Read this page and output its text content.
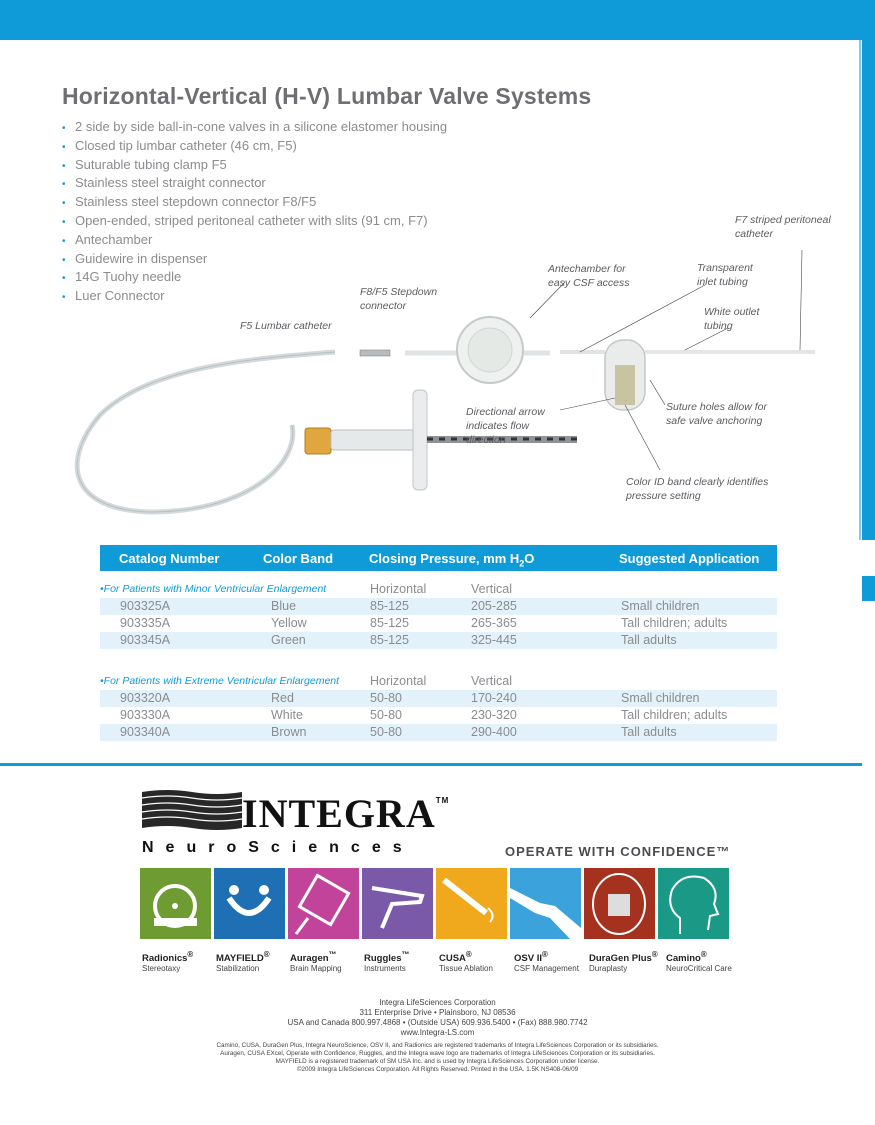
Horizontal-Vertical (H-V) Lumbar Valve Systems
• 2 side by side ball-in-cone valves in a silicone elastomer housing
• Closed tip lumbar catheter (46 cm, F5)
• Suturable tubing clamp F5
• Stainless steel straight connector
• Stainless steel stepdown connector F8/F5
• Open-ended, striped peritoneal catheter with slits (91 cm, F7)
• Antechamber
• Guidewire in dispenser
• 14G Tuohy needle
• Luer Connector
F7 striped peritoneal catheter
Antechamber for easy CSF access
Transparent inlet tubing
F8/F5 Stepdown connector	White outlet tubing
F5 Lumbar catheter
Directional arrow indicates flow direction
Suture holes allow for safe valve anchoring
Color ID band clearly identifies pressure setting
Catalog Number	Color Band	Closing Pressure, mm $H_2O$	Suggested Application
•For Patients with Minor Ventricular Enlargement	Horizontal	Vertical
903325A	Blue	85-125	205-285	Small children
903335A	Yellow	85-125	265-365	Tall children; adults
903345A	Green	85-125	325-445	Tall adults
•For Patients with Extreme Ventricular Enlargement Horizontal	Vertical
903320A	Red	50-80	170-240	Small children
903330A	White	50-80	230-320	Tall children; adults
903340A	Brown	50-80	290-400	Tall adults
INTEGRA™
NeuroSciences	OPERATE WITH CONFIDENCE™
Radionics®
Stereotaxy
MAYFIELD®
Stabilization
Auragen™
Brain Mapping
Ruggles™
Instruments
CUSA®
Tissue Ablation
OSV II®
CSF Management
DuraGen Plus®
Duraplasty
Camino®
NeuroCritical Care
Integra LifeSciences Corporation
311 Enterprise Drive • Plainsboro, NJ 08536
USA and Canada 800.997.4868 • (Outside USA) 609.936.5400 • (Fax) 888.980.7742
www.Integra-LS.com
Camino, CUSA, DuraGen Plus, Integra NeuroScience, OSV II, and Radionics are registered trademarks of Integra LifeSciences Corporation or its subsidiaries.
Auragen, CUSA EXcel, Operate with Confidence, Ruggles, and the Integra wave logo are trademarks of Integra LifeSciences Corporation or its subsidiaries.
MAYFIELD is a registered trademark of SM USA Inc. and is used by Integra LifeSciences Corporation under license.
©2009 Integra LifeSciences Corporation. All Rights Reserved. Printed in the USA. 1.5K NS408-06/09
